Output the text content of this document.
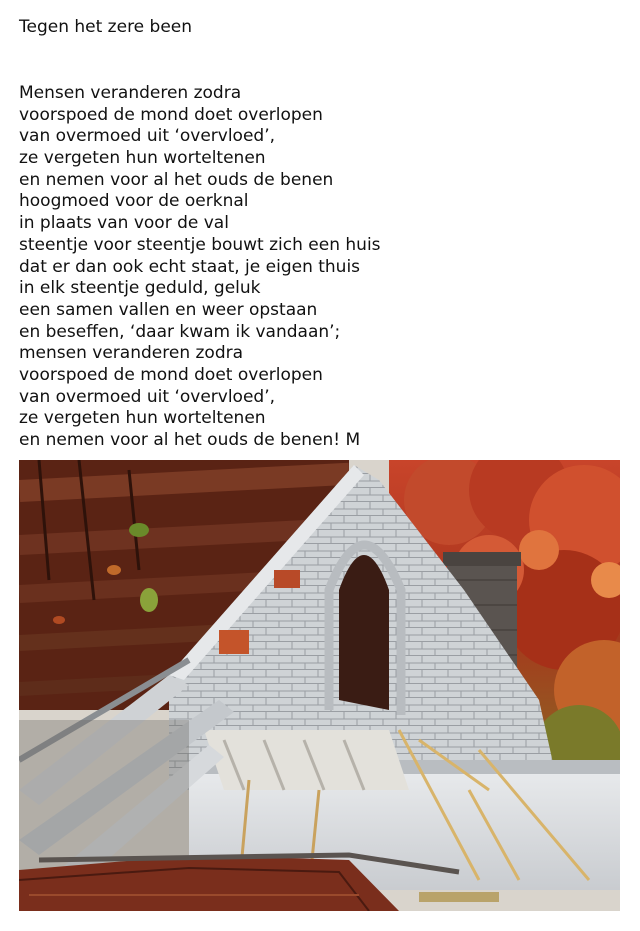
Tegen het zere been
Mensen veranderen zodra
voorspoed de mond doet overlopen
van overmoed uit ‘overvloed’,
ze vergeten hun worteltenen
en nemen voor al het ouds de benen
hoogmoed voor de oerknal
in plaats van voor de val
steentje voor steentje bouwt zich een huis
dat er dan ook echt staat, je eigen thuis
in elk steentje geduld, geluk
een samen vallen en weer opstaan
en beseffen, ‘daar kwam ik vandaan’;
mensen veranderen zodra
voorspoed de mond doet overlopen
van overmoed uit ‘overvloed’,
ze vergeten hun worteltenen
en nemen voor al het ouds de benen! M
